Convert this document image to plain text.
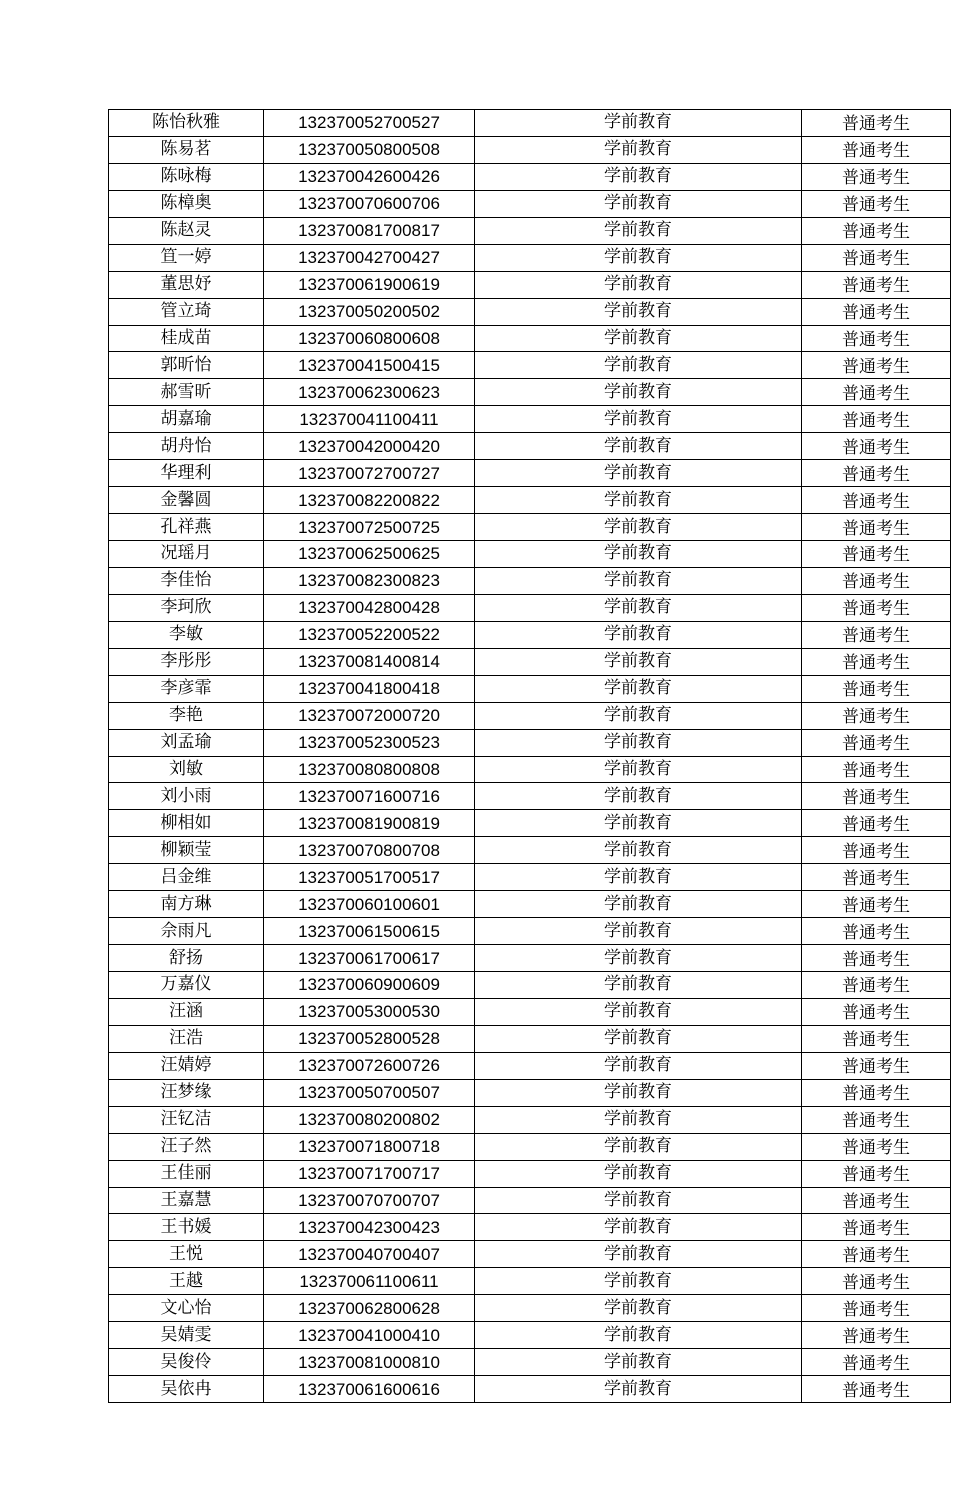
陈怡秋雅	132370052700527	学前教育	普通考生
陈易茗	132370050800508	学前教育	普通考生
陈咏梅	132370042600426	学前教育	普通考生
陈樟奥	132370070600706	学前教育	普通考生
陈赵灵	132370081700817	学前教育	普通考生
笪一婷	132370042700427	学前教育	普通考生
董思妤	132370061900619	学前教育	普通考生
管立琦	132370050200502	学前教育	普通考生
桂成苗	132370060800608	学前教育	普通考生
郭昕怡	132370041500415	学前教育	普通考生
郝雪昕	132370062300623	学前教育	普通考生
胡嘉瑜	132370041100411	学前教育	普通考生
胡舟怡	132370042000420	学前教育	普通考生
华理利	132370072700727	学前教育	普通考生
金馨圆	132370082200822	学前教育	普通考生
孔祥燕	132370072500725	学前教育	普通考生
况瑶月	132370062500625	学前教育	普通考生
李佳怡	132370082300823	学前教育	普通考生
李珂欣	132370042800428	学前教育	普通考生
李敏	132370052200522	学前教育	普通考生
李彤彤	132370081400814	学前教育	普通考生
李彦霏	132370041800418	学前教育	普通考生
李艳	132370072000720	学前教育	普通考生
刘孟瑜	132370052300523	学前教育	普通考生
刘敏	132370080800808	学前教育	普通考生
刘小雨	132370071600716	学前教育	普通考生
柳相如	132370081900819	学前教育	普通考生
柳颖莹	132370070800708	学前教育	普通考生
吕金维	132370051700517	学前教育	普通考生
南方琳	132370060100601	学前教育	普通考生
佘雨凡	132370061500615	学前教育	普通考生
舒扬	132370061700617	学前教育	普通考生
万嘉仪	132370060900609	学前教育	普通考生
汪涵	132370053000530	学前教育	普通考生
汪浩	132370052800528	学前教育	普通考生
汪婧婷	132370072600726	学前教育	普通考生
汪梦缘	132370050700507	学前教育	普通考生
汪钇洁	132370080200802	学前教育	普通考生
汪子然	132370071800718	学前教育	普通考生
王佳丽	132370071700717	学前教育	普通考生
王嘉慧	132370070700707	学前教育	普通考生
王书媛	132370042300423	学前教育	普通考生
王悦	132370040700407	学前教育	普通考生
王越	132370061100611	学前教育	普通考生
文心怡	132370062800628	学前教育	普通考生
吴婧雯	132370041000410	学前教育	普通考生
吴俊伶	132370081000810	学前教育	普通考生
吴依冉	132370061600616	学前教育	普通考生
